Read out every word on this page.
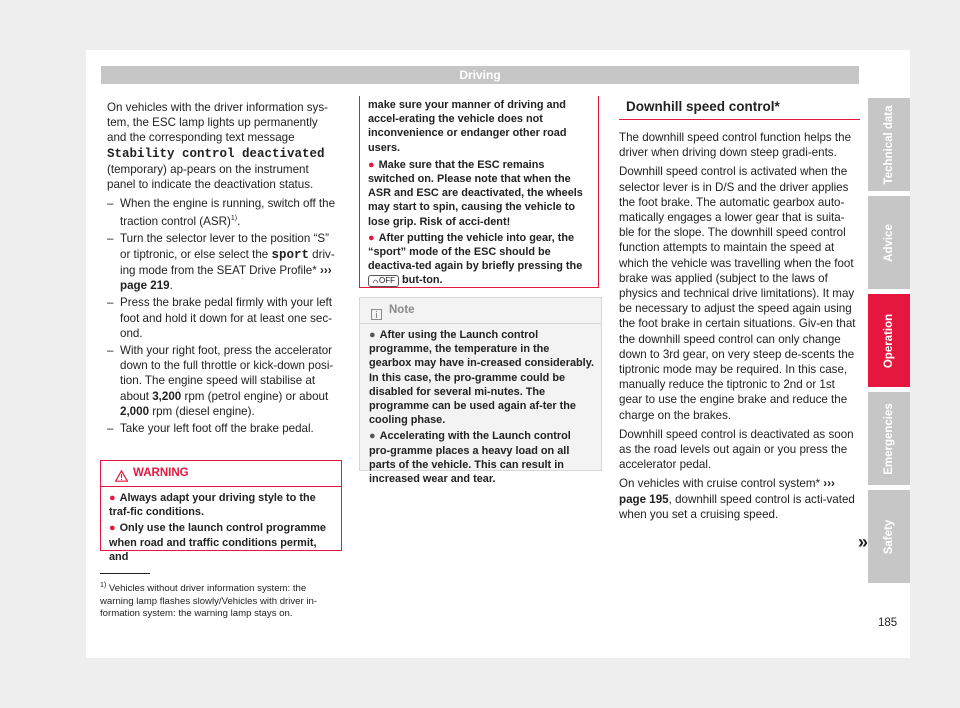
Driving

On vehicles with the driver information sys-tem, the ESC lamp lights up permanently and the corresponding text message Stability control deactivated (temporary) ap-pears on the instrument panel to indicate the deactivation status.

– When the engine is running, switch off the traction control (ASR)$^{1)}$.
– Turn the selector lever to the position “S” or tiptronic, or else select the sport driv-ing mode from the SEAT Drive Profile* ››› page 219.
– Press the brake pedal firmly with your left foot and hold it down for at least one sec-ond.
– With your right foot, press the accelerator down to the full throttle or kick-down posi-tion. The engine speed will stabilise at about 3,200 rpm (petrol engine) or about 2,000 rpm (diesel engine).
– Take your left foot off the brake pedal.
WARNING
● Always adapt your driving style to the traf-fic conditions.
● Only use the launch control programme when road and traffic conditions permit, and
make sure your manner of driving and accel-erating the vehicle does not inconvenience or endanger other road users.
● Make sure that the ESC remains switched on. Please note that when the ASR and ESC are deactivated, the wheels may start to spin, causing the vehicle to lose grip. Risk of acci-dent!
● After putting the vehicle into gear, the “sport” mode of the ESC should be deactiva-ted again by briefly pressing the OFF but-ton.
Note
● After using the Launch control programme, the temperature in the gearbox may have in-creased considerably. In this case, the pro-gramme could be disabled for several mi-nutes. The programme can be used again af-ter the cooling phase.
● Accelerating with the Launch control pro-gramme places a heavy load on all parts of the vehicle. This can result in increased wear and tear.
Downhill speed control*

The downhill speed control function helps the driver when driving down steep gradi-ents.

Downhill speed control is activated when the selector lever is in D/S and the driver applies the foot brake. The automatic gearbox auto-matically engages a lower gear that is suita-ble for the slope. The downhill speed control function attempts to maintain the speed at which the vehicle was travelling when the foot brake was applied (subject to the laws of physics and technical drive limitations). It may be necessary to adjust the speed again using the foot brake in certain situations. Giv-en that the downhill speed control can only change down to 3rd gear, on very steep de-scents the tiptronic mode may be required. In this case, manually reduce the tiptronic to 2nd or 1st gear to use the engine brake and reduce the charge on the brakes.

Downhill speed control is deactivated as soon as the road levels out again or you press the accelerator pedal.

On vehicles with cruise control system* ››› page 195, downhill speed control is acti-vated when you set a cruising speed.

»
Technical data
Advice
Operation
Emergencies
Safety
$^{1)}$ Vehicles without driver information system: the warning lamp flashes slowly/Vehicles with driver in-formation system: the warning lamp stays on.
185
